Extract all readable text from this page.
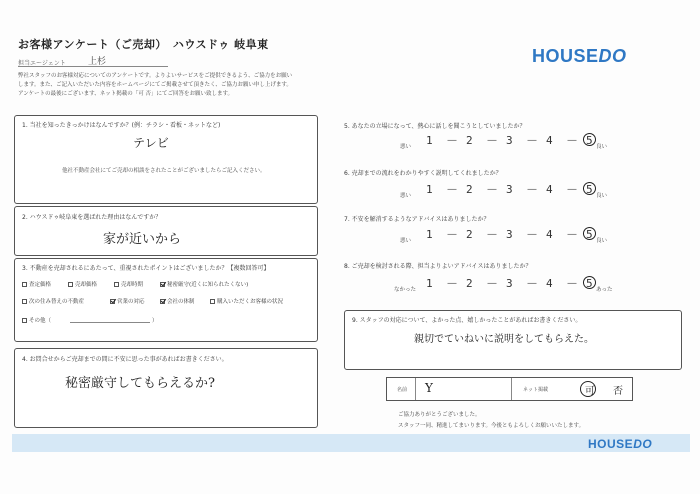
お客様アンケート（ご売却）　ハウスドゥ 岐阜東
担当エージェント 上杉

弊社スタッフのお客様対応についてのアンケートです。よりよいサービスをご提供できるよう、ご協力をお願い

します。また、ご記入いただいた内容をホームページにてご掲載させて頂きたく、ご協力お願い申し上げます。

アンケートの最後にございます、ネット掲載の「可 否」にてご回答をお願い致します。

HOUSEDO
1. 当社を知ったきっかけはなんですか？(例：チラシ・看板・ネットなど)
テレビ
他社不動産会社にてご売却の相談をされたことがございましたらご記入ください。
2. ハウスドゥ岐阜東を選ばれた理由はなんですか？
家が近いから
3. 不動産を売却されるにあたって、重視されたポイントはございましたか？【複数回答可】
査定価格	売却価格	売却時期	秘密厳守(近くに知られたくない)
次の住み替えの不動産	営業の対応	会社の体制	購入いただくお客様の状況
その他（	）
4. お問合せからご売却までの間に不安に思った事があればお書きください。
秘密厳守してもらえるか?
5. あなたの立場になって、熱心に話しを聞こうとしていましたか？
悪い	良い
6. 売却までの流れをわかりやすく説明してくれましたか？
悪い	良い
7. 不安を解消するようなアドバイスはありましたか？
悪い	良い
8. ご売却を検討される際、担当よりよいアドバイスはありましたか？
なかった	あった
1	2	3	4	5
—	—	—	—
1	2	3	4	5
—	—	—	—
1	2	3	4	5
—	—	—	—
1	2	3	4	5
—	—	—	—
9. スタッフの対応について、よかった点、嬉しかったことがあればお書きください。
親切でていねいに説明をしてもらえた。
名前 Y	ネット掲載	可 否
ご協力ありがとうございました。
スタッフ一同、精進してまいります。今後ともよろしくお願いいたします。
HOUSEDO
